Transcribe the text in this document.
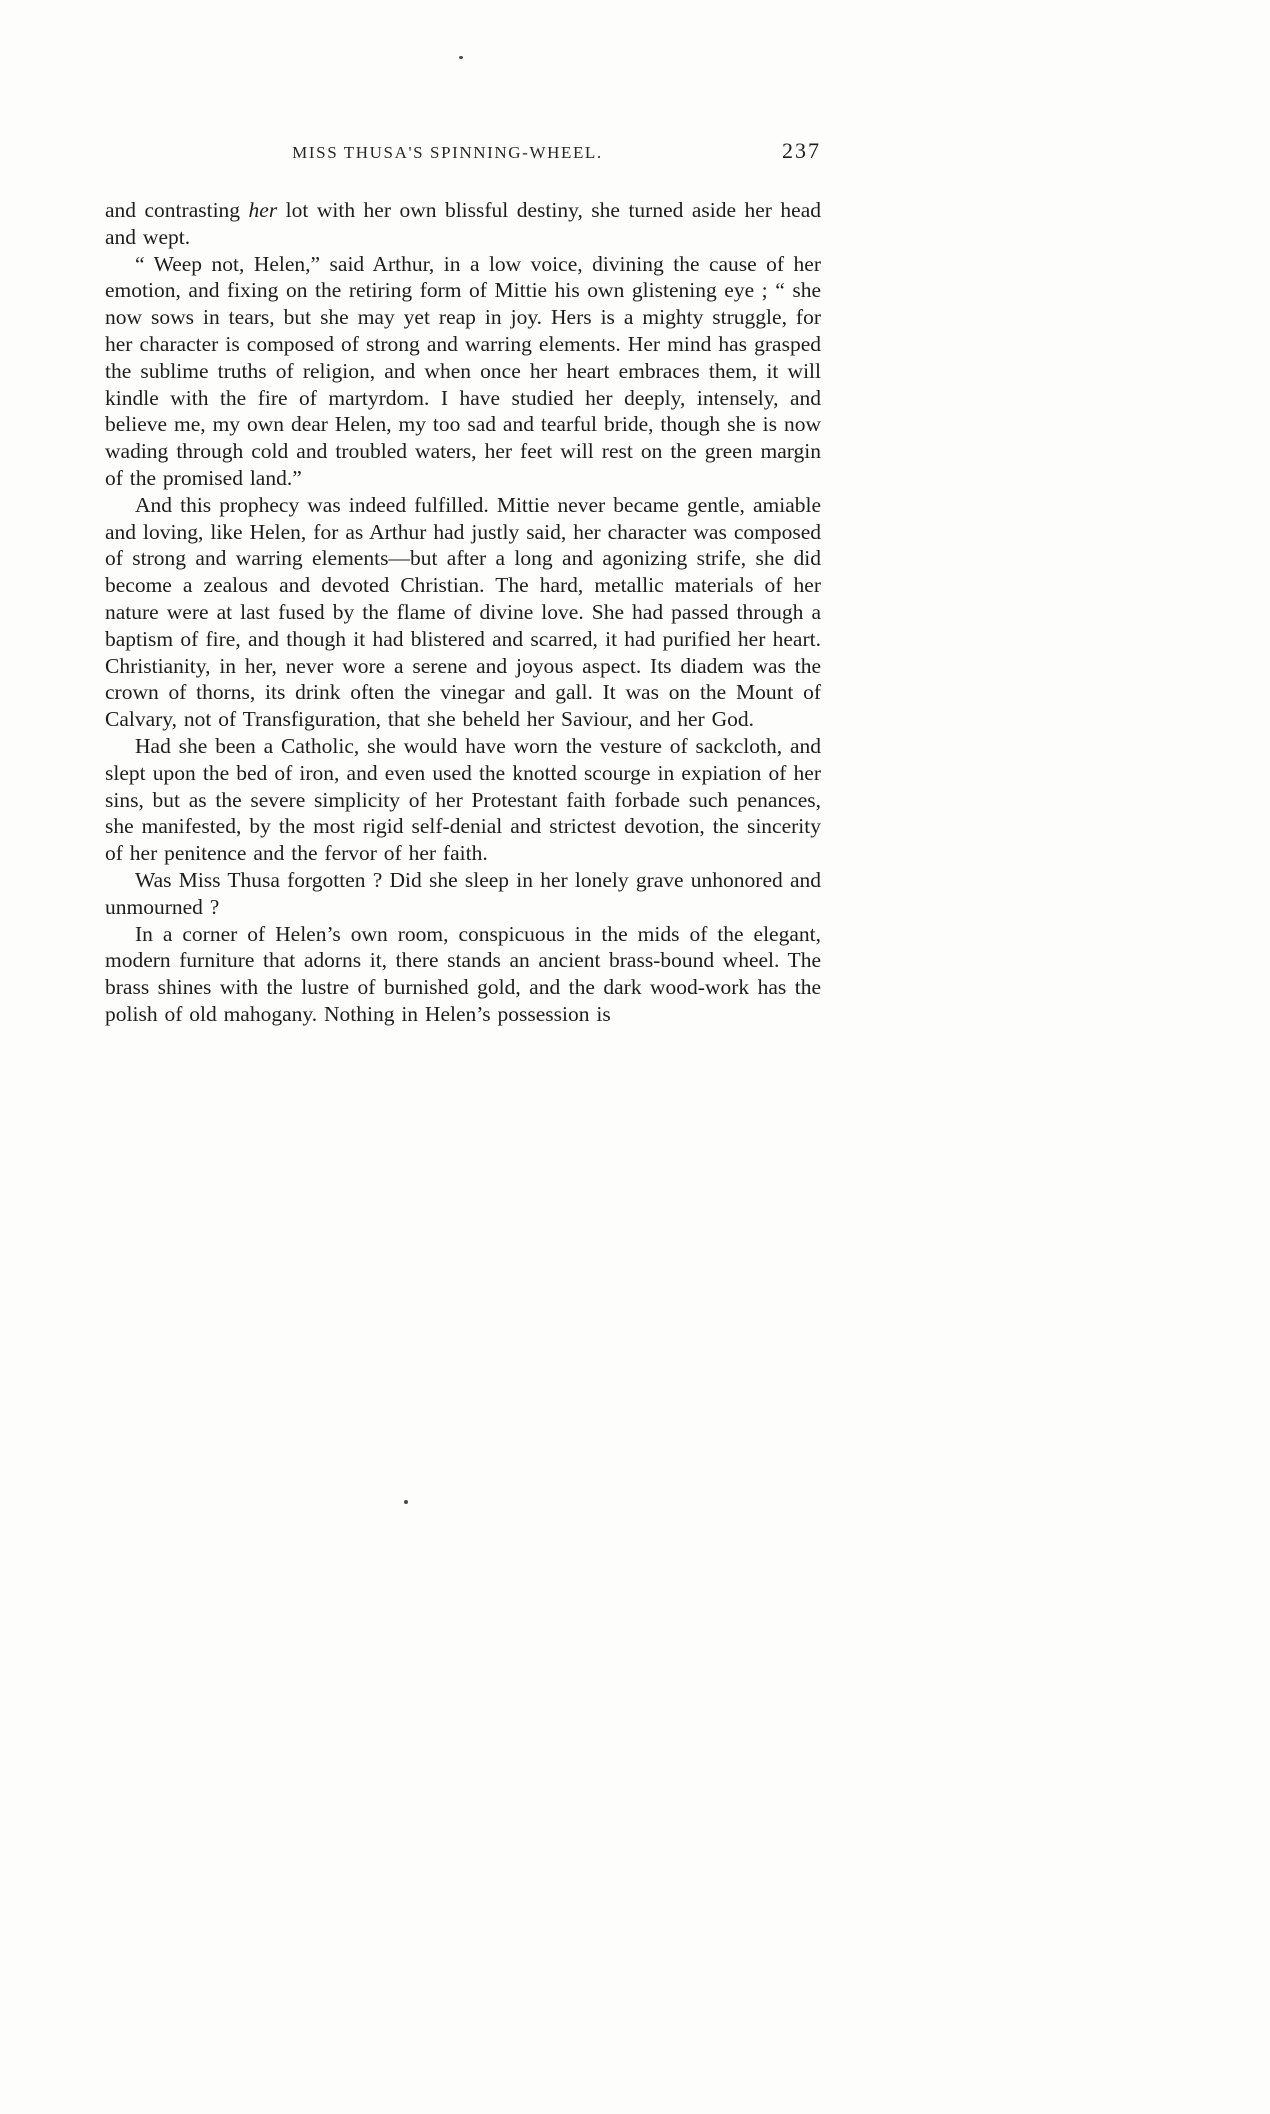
MISS THUSA'S SPINNING-WHEEL.	237

and contrasting her lot with her own blissful destiny, she turned aside her head and wept.

“ Weep not, Helen,” said Arthur, in a low voice, divining the cause of her emotion, and fixing on the retiring form of Mittie his own glistening eye ; “ she now sows in tears, but she may yet reap in joy. Hers is a mighty struggle, for her character is composed of strong and warring elements. Her mind has grasped the sublime truths of religion, and when once her heart embraces them, it will kindle with the fire of martyrdom. I have studied her deeply, intensely, and believe me, my own dear Helen, my too sad and tearful bride, though she is now wading through cold and troubled waters, her feet will rest on the green margin of the promised land.”

And this prophecy was indeed fulfilled. Mittie never became gentle, amiable and loving, like Helen, for as Arthur had justly said, her character was composed of strong and warring elements—but after a long and agonizing strife, she did become a zealous and devoted Christian. The hard, metallic materials of her nature were at last fused by the flame of divine love. She had passed through a baptism of fire, and though it had blistered and scarred, it had purified her heart. Christianity, in her, never wore a serene and joyous aspect. Its diadem was the crown of thorns, its drink often the vinegar and gall. It was on the Mount of Calvary, not of Transfiguration, that she beheld her Saviour, and her God.

Had she been a Catholic, she would have worn the vesture of sackcloth, and slept upon the bed of iron, and even used the knotted scourge in expiation of her sins, but as the severe simplicity of her Protestant faith forbade such penances, she manifested, by the most rigid self-denial and strictest devotion, the sincerity of her penitence and the fervor of her faith.

Was Miss Thusa forgotten ? Did she sleep in her lonely grave unhonored and unmourned ?

In a corner of Helen’s own room, conspicuous in the mids of the elegant, modern furniture that adorns it, there stands an ancient brass-bound wheel. The brass shines with the lustre of burnished gold, and the dark wood-work has the polish of old mahogany. Nothing in Helen’s possession is
